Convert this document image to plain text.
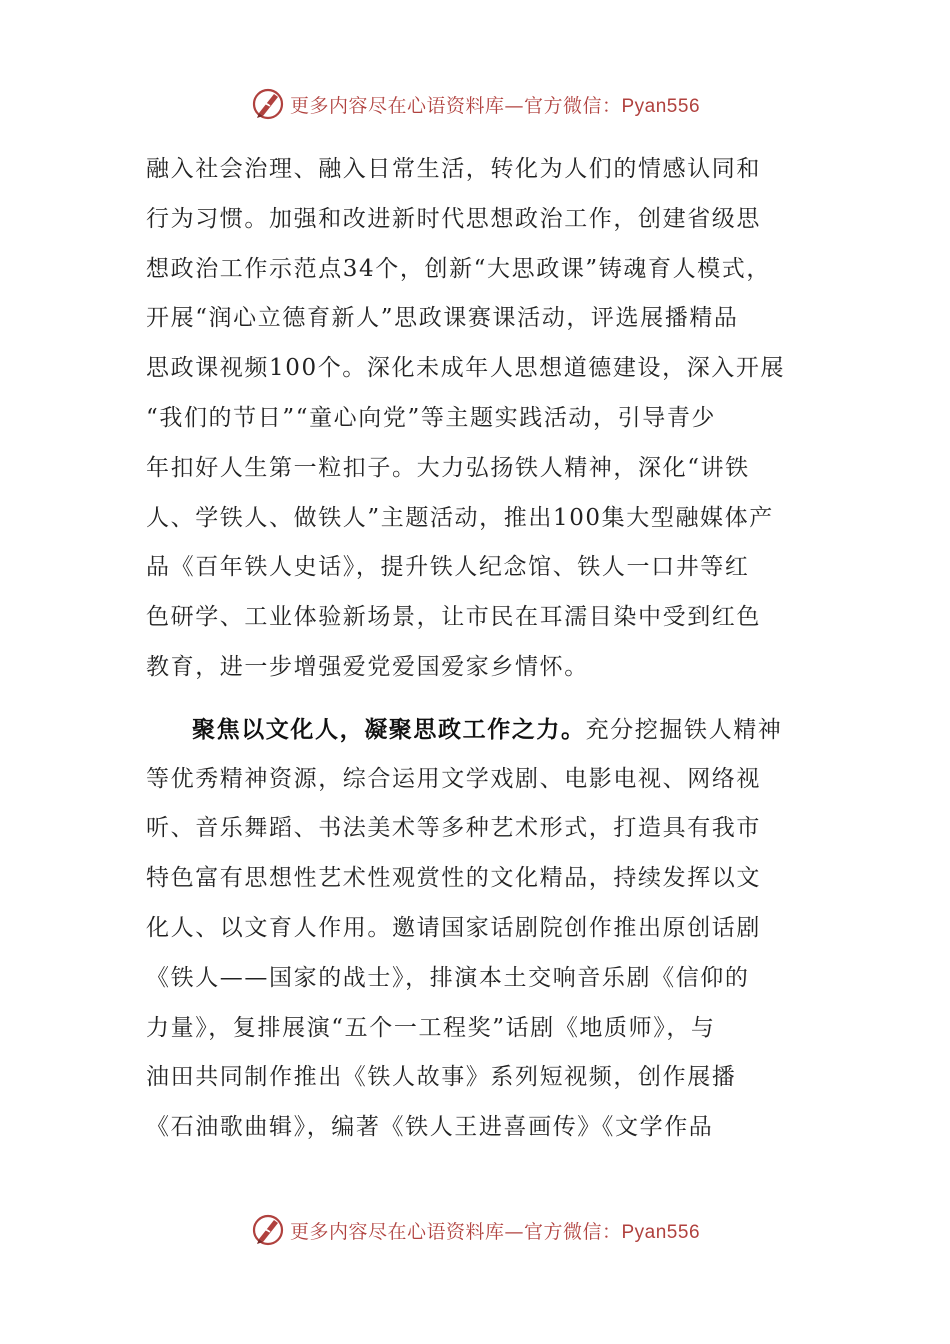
更多内容尽在心语资料库—官方微信：Pyan556
融入社会治理、融入日常生活，转化为人们的情感认同和
行为习惯。加强和改进新时代思想政治工作，创建省级思
想政治工作示范点34个，创新“大思政课”铸魂育人模式，
开展“润心立德育新人”思政课赛课活动，评选展播精品
思政课视频100个。深化未成年人思想道德建设，深入开展
“我们的节日”“童心向党”等主题实践活动，引导青少
年扣好人生第一粒扣子。大力弘扬铁人精神，深化“讲铁
人、学铁人、做铁人”主题活动，推出100集大型融媒体产
品《百年铁人史话》，提升铁人纪念馆、铁人一口井等红
色研学、工业体验新场景，让市民在耳濡目染中受到红色
教育，进一步增强爱党爱国爱家乡情怀。
聚焦以文化人，凝聚思政工作之力。充分挖掘铁人精神
等优秀精神资源，综合运用文学戏剧、电影电视、网络视
听、音乐舞蹈、书法美术等多种艺术形式，打造具有我市
特色富有思想性艺术性观赏性的文化精品，持续发挥以文
化人、以文育人作用。邀请国家话剧院创作推出原创话剧
《铁人——国家的战士》，排演本土交响音乐剧《信仰的
力量》，复排展演“五个一工程奖”话剧《地质师》，与
油田共同制作推出《铁人故事》系列短视频，创作展播
《石油歌曲辑》，编著《铁人王进喜画传》《文学作品
更多内容尽在心语资料库—官方微信：Pyan556
